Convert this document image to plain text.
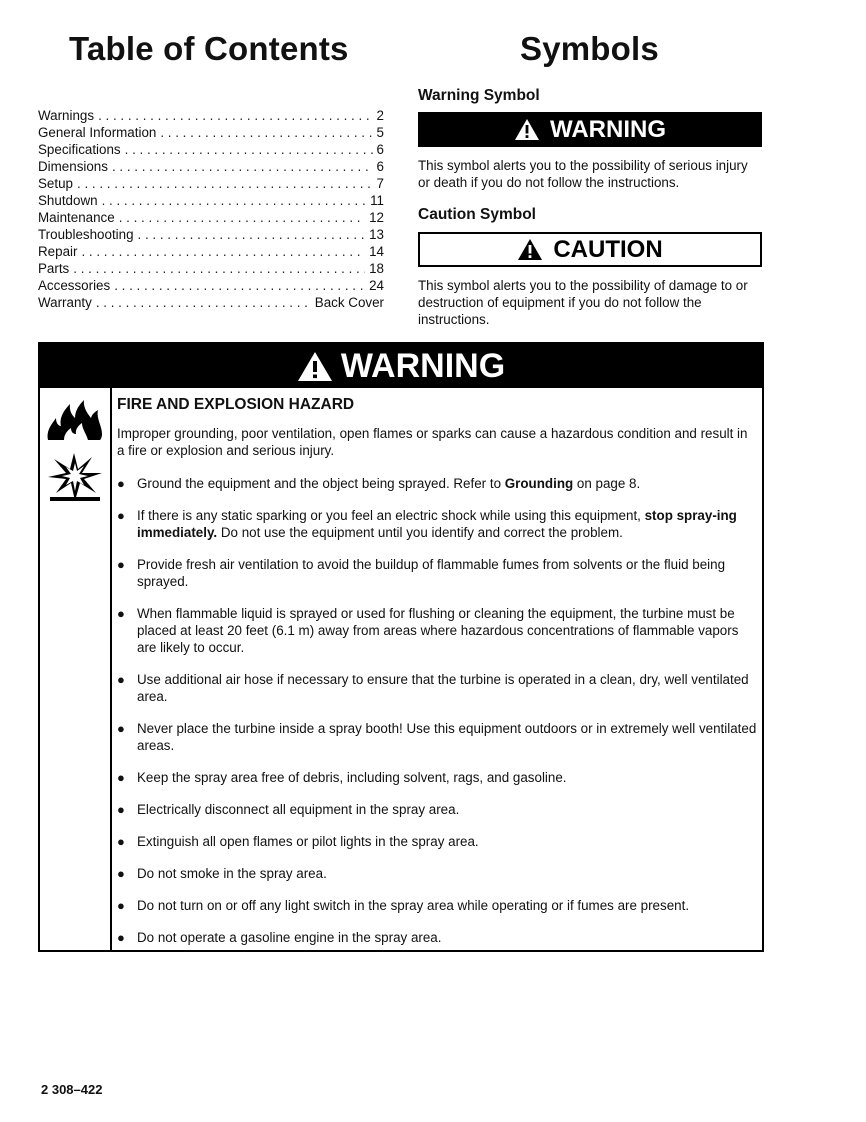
Table of Contents	Symbols
Warnings . . .	2
General Information . . .	5
Specifications . . .	6
Dimensions . . .	6
Setup . . .	7
Shutdown . . .	11
Maintenance . . .	12
Troubleshooting . . .	13
Repair . . .	14
Parts . . .	18
Accessories . . .	24
Warranty . . .	Back Cover
Warning Symbol
WARNING
This symbol alerts you to the possibility of serious injury or death if you do not follow the instructions.
Caution Symbol
CAUTION
This symbol alerts you to the possibility of damage to or destruction of equipment if you do not follow the instructions.
WARNING

FIRE AND EXPLOSION HAZARD
Improper grounding, poor ventilation, open flames or sparks can cause a hazardous condition and result in a fire or explosion and serious injury.
● Ground the equipment and the object being sprayed. Refer to Grounding on page 8.
● If there is any static sparking or you feel an electric shock while using this equipment, stop spray-ing immediately. Do not use the equipment until you identify and correct the problem.
● Provide fresh air ventilation to avoid the buildup of flammable fumes from solvents or the fluid being sprayed.
● When flammable liquid is sprayed or used for flushing or cleaning the equipment, the turbine must be placed at least 20 feet (6.1 m) away from areas where hazardous concentrations of flammable vapors are likely to occur.
● Use additional air hose if necessary to ensure that the turbine is operated in a clean, dry, well ventilated area.
● Never place the turbine inside a spray booth! Use this equipment outdoors or in extremely well ventilated areas.
● Keep the spray area free of debris, including solvent, rags, and gasoline.
● Electrically disconnect all equipment in the spray area.
● Extinguish all open flames or pilot lights in the spray area.
● Do not smoke in the spray area.
● Do not turn on or off any light switch in the spray area while operating or if fumes are present.
● Do not operate a gasoline engine in the spray area.
2 308–422
